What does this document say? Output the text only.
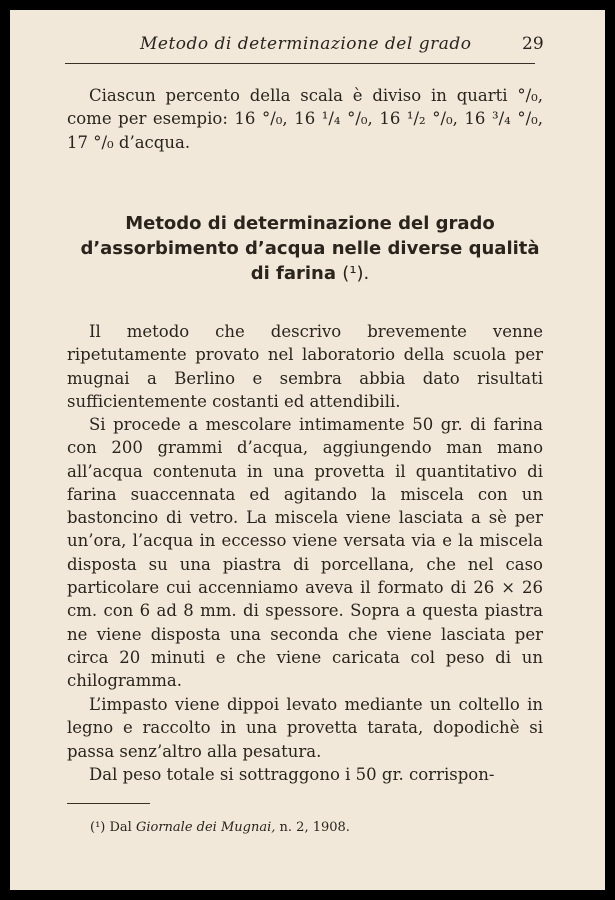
Metodo di determinazione del grado	29

Ciascun percento della scala è diviso in quarti °/₀, come per esempio: 16 °/₀, 16 ¹/₄ °/₀, 16 ¹/₂ °/₀, 16 ³/₄ °/₀, 17 °/₀ d’acqua.

Metodo di determinazione del grado
d’assorbimento d’acqua nelle diverse qualità
di farina (¹).

Il metodo che descrivo brevemente venne ripetutamente provato nel laboratorio della scuola per mugnai a Berlino e sembra abbia dato risultati sufficientemente costanti ed attendibili.

Si procede a mescolare intimamente 50 gr. di farina con 200 grammi d’acqua, aggiungendo man mano all’acqua contenuta in una provetta il quantitativo di farina suaccennata ed agitando la miscela con un bastoncino di vetro. La miscela viene lasciata a sè per un’ora, l’acqua in eccesso viene versata via e la miscela disposta su una piastra di porcellana, che nel caso particolare cui accenniamo aveva il formato di 26 × 26 cm. con 6 ad 8 mm. di spessore. Sopra a questa piastra ne viene disposta una seconda che viene lasciata per circa 20 minuti e che viene caricata col peso di un chilogramma.

L’impasto viene dippoi levato mediante un coltello in legno e raccolto in una provetta tarata, dopodichè si passa senz’altro alla pesatura.

Dal peso totale si sottraggono i 50 gr. corrispon-

(¹) Dal Giornale dei Mugnai, n. 2, 1908.
